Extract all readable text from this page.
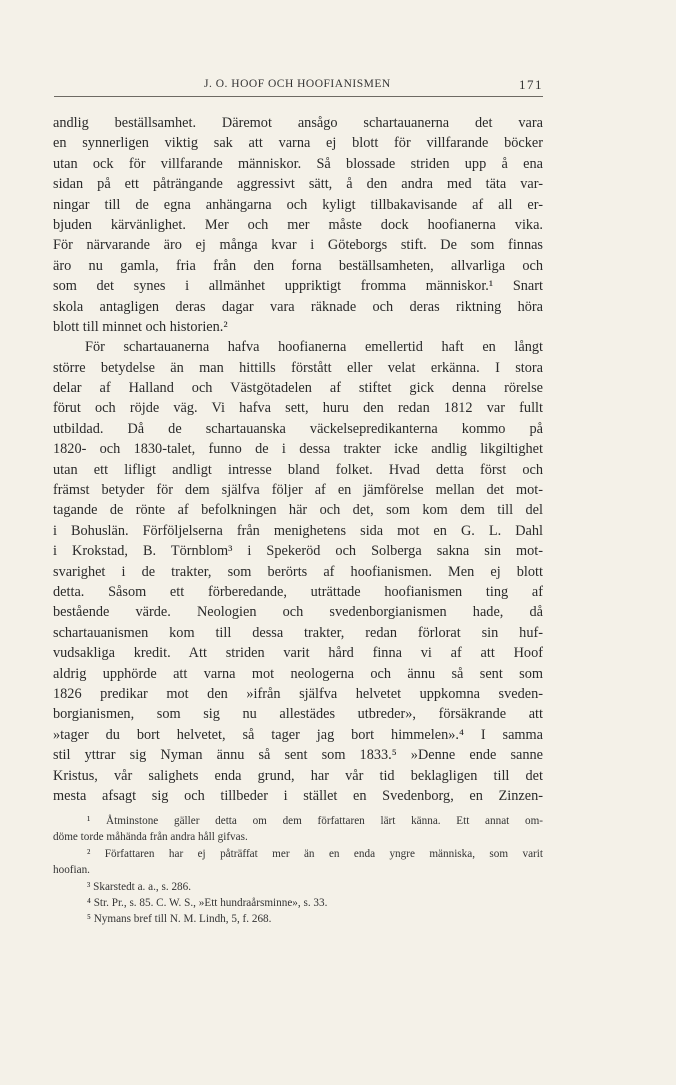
J. O. HOOF OCH HOOFIANISMEN	171
andlig beställsamhet. Däremot ansågo schartauanerna det vara
en synnerligen viktig sak att varna ej blott för villfarande böcker
utan ock för villfarande människor. Så blossade striden upp å ena
sidan på ett påträngande aggressivt sätt, å den andra med täta var-
ningar till de egna anhängarna och kyligt tillbakavisande af all er-
bjuden kärvänlighet. Mer och mer måste dock hoofianerna vika.
För närvarande äro ej många kvar i Göteborgs stift. De som finnas
äro nu gamla, fria från den forna beställsamheten, allvarliga och
som det synes i allmänhet uppriktigt fromma människor.¹ Snart
skola antagligen deras dagar vara räknade och deras riktning höra
blott till minnet och historien.²
För schartauanerna hafva hoofianerna emellertid haft en långt
större betydelse än man hittills förstått eller velat erkänna. I stora
delar af Halland och Västgötadelen af stiftet gick denna rörelse
förut och röjde väg. Vi hafva sett, huru den redan 1812 var fullt
utbildad. Då de schartauanska väckelsepredikanterna kommo på
1820- och 1830-talet, funno de i dessa trakter icke andlig likgiltighet
utan ett lifligt andligt intresse bland folket. Hvad detta först och
främst betyder för dem själfva följer af en jämförelse mellan det mot-
tagande de rönte af befolkningen här och det, som kom dem till del
i Bohuslän. Förföljelserna från menighetens sida mot en G. L. Dahl
i Krokstad, B. Törnblom³ i Spekeröd och Solberga sakna sin mot-
svarighet i de trakter, som berörts af hoofianismen. Men ej blott
detta. Såsom ett förberedande, uträttade hoofianismen ting af
bestående värde. Neologien och svedenborgianismen hade, då
schartauanismen kom till dessa trakter, redan förlorat sin huf-
vudsakliga kredit. Att striden varit hård finna vi af att Hoof
aldrig upphörde att varna mot neologerna och ännu så sent som
1826 predikar mot den »ifrån själfva helvetet uppkomna sveden-
borgianismen, som sig nu allestädes utbreder», försäkrande att
»tager du bort helvetet, så tager jag bort himmelen».⁴ I samma
stil yttrar sig Nyman ännu så sent som 1833.⁵ »Denne ende sanne
Kristus, vår salighets enda grund, har vår tid beklagligen till det
mesta afsagt sig och tillbeder i stället en Svedenborg, en Zinzen-
¹ Åtminstone gäller detta om dem författaren lärt känna. Ett annat om-
döme torde måhända från andra håll gifvas.
² Författaren har ej påträffat mer än en enda yngre människa, som varit
hoofian.
³ Skarstedt a. a., s. 286.
⁴ Str. Pr., s. 85. C. W. S., »Ett hundraårsminne», s. 33.
⁵ Nymans bref till N. M. Lindh, 5, f. 268.
